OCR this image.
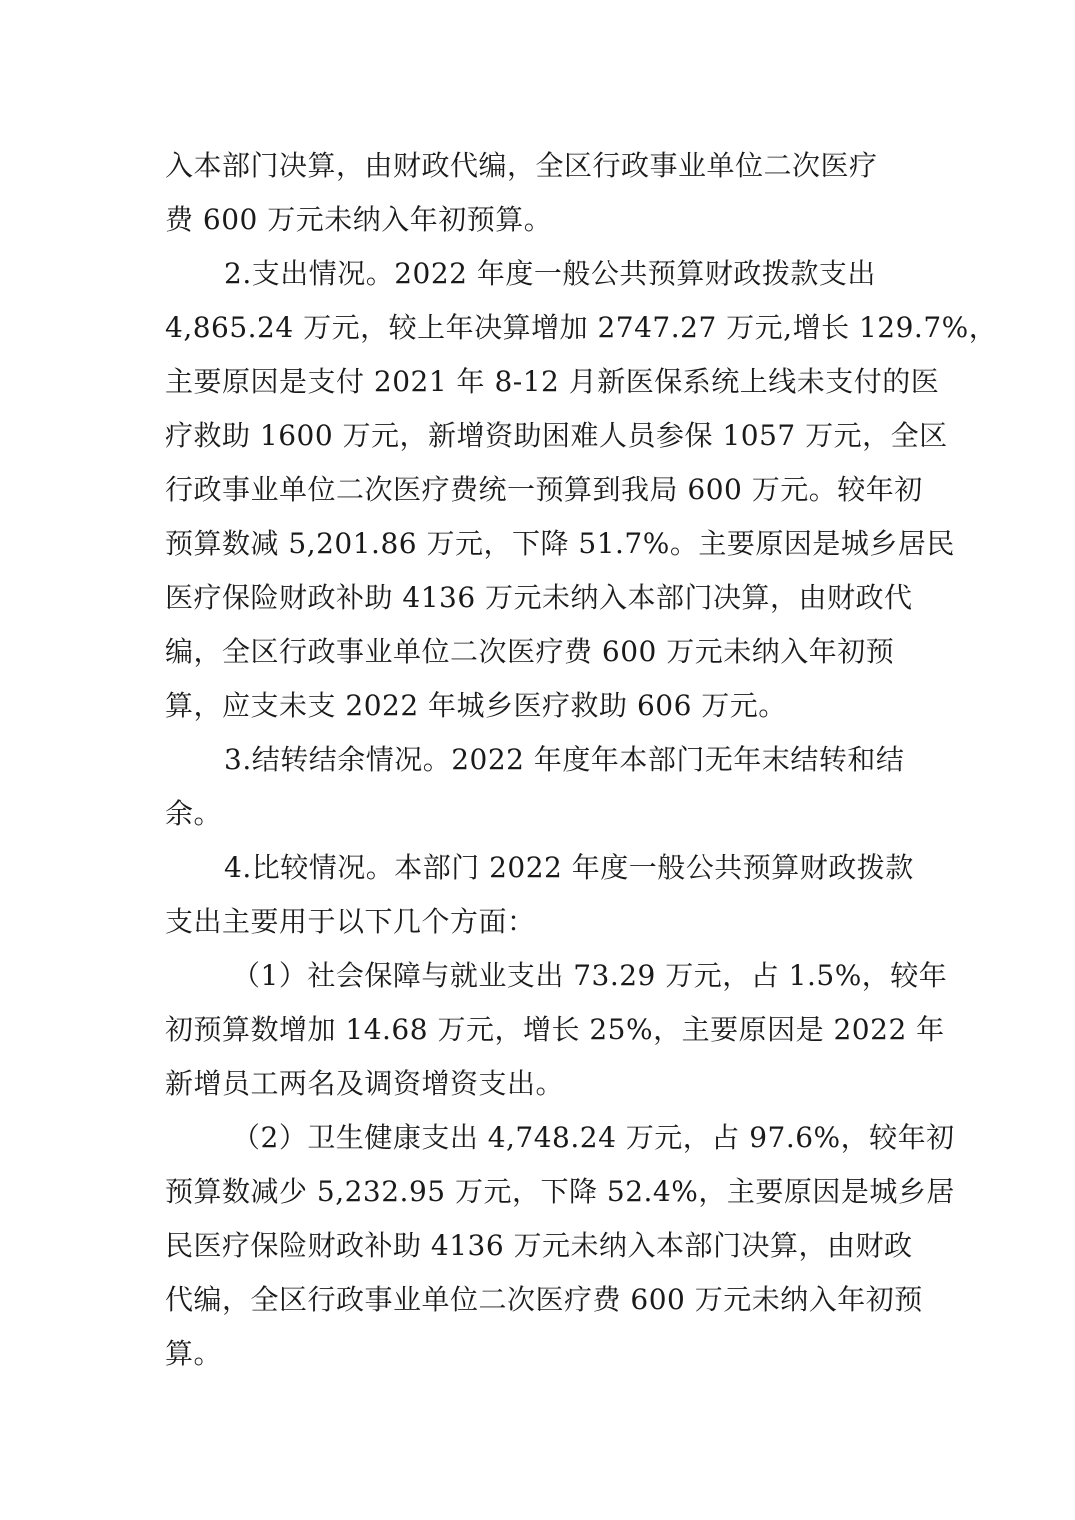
入本部门决算，由财政代编，全区行政事业单位二次医疗
费 600 万元未纳入年初预算。
2.支出情况。2022 年度一般公共预算财政拨款支出
4,865.24 万元，较上年决算增加 2747.27 万元,增长 129.7%，
主要原因是支付 2021 年 8-12 月新医保系统上线未支付的医
疗救助 1600 万元，新增资助困难人员参保 1057 万元，全区
行政事业单位二次医疗费统一预算到我局 600 万元。较年初
预算数减 5,201.86 万元，下降 51.7%。主要原因是城乡居民
医疗保险财政补助 4136 万元未纳入本部门决算，由财政代
编，全区行政事业单位二次医疗费 600 万元未纳入年初预
算，应支未支 2022 年城乡医疗救助 606 万元。
3.结转结余情况。2022 年度年本部门无年末结转和结
余。
4.比较情况。本部门 2022 年度一般公共预算财政拨款
支出主要用于以下几个方面：
（1）社会保障与就业支出 73.29 万元，占 1.5%，较年
初预算数增加 14.68 万元，增长 25%，主要原因是 2022 年
新增员工两名及调资增资支出。
（2）卫生健康支出 4,748.24 万元，占 97.6%，较年初
预算数减少 5,232.95 万元，下降 52.4%，主要原因是城乡居
民医疗保险财政补助 4136 万元未纳入本部门决算，由财政
代编，全区行政事业单位二次医疗费 600 万元未纳入年初预
算。
